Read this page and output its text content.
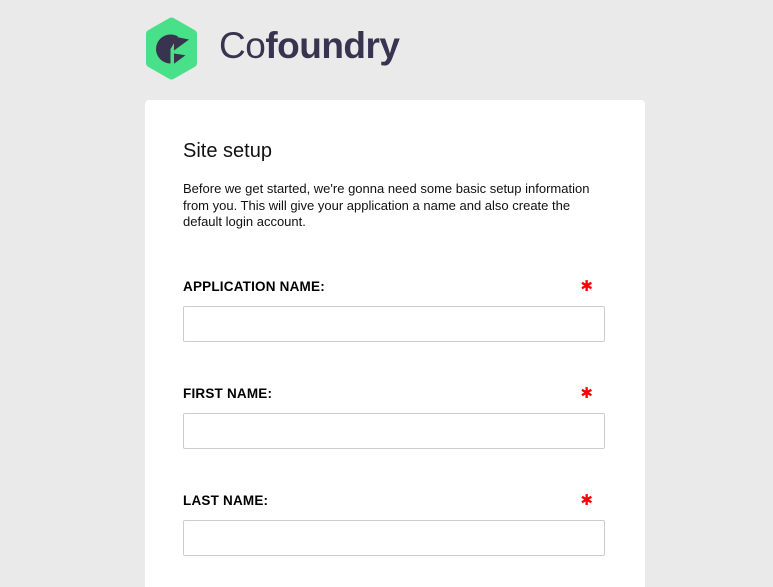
Cofoundry
Site setup

Before we get started, we're gonna need some basic setup information from you. This will give your application a name and also create the default login account.

APPLICATION NAME:	✱
FIRST NAME:	✱
LAST NAME:	✱
